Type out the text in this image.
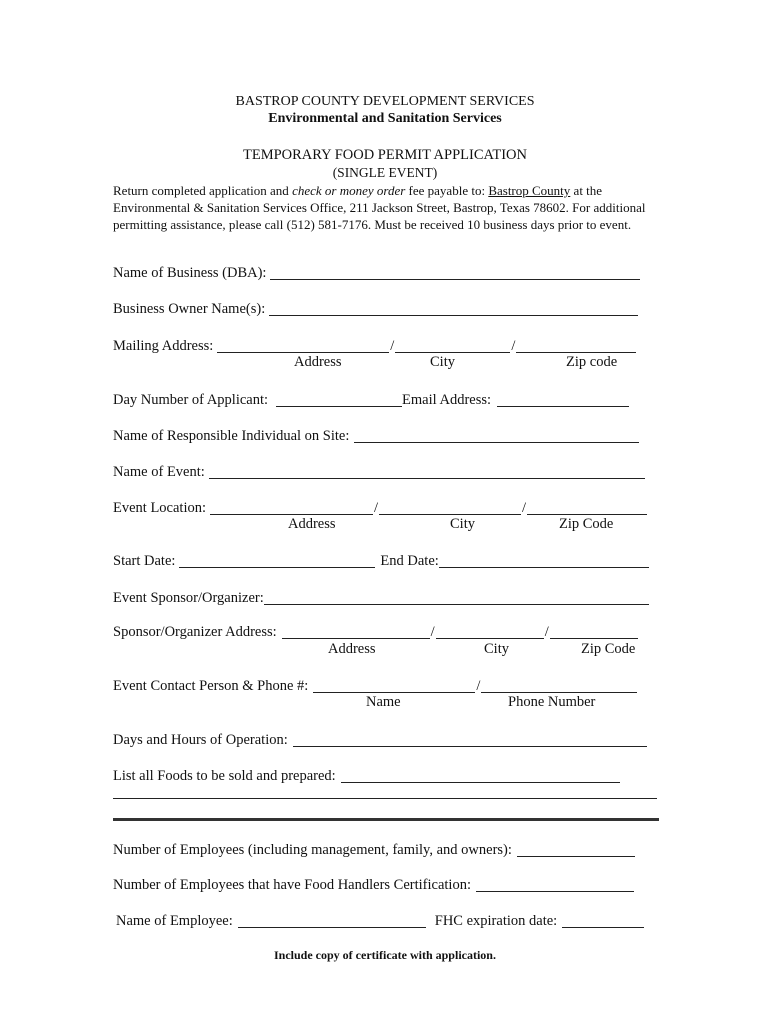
BASTROP COUNTY DEVELOPMENT SERVICES
Environmental and Sanitation Services
TEMPORARY FOOD PERMIT APPLICATION
(SINGLE EVENT)
Return completed application and check or money order fee payable to: Bastrop County at the Environmental & Sanitation Services Office, 211 Jackson Street, Bastrop, Texas 78602. For additional permitting assistance, please call (512) 581-7176. Must be received 10 business days prior to event.
Name of Business (DBA):
Business Owner Name(s):
Mailing Address:	/	/
Address	City	Zip code
Day Number of Applicant:	Email Address:
Name of Responsible Individual on Site:
Name of Event:
Event Location:	/	/
Address	City	Zip Code
Start Date:	End Date:
Event Sponsor/Organizer:
Sponsor/Organizer Address:	/	/
Address	City	Zip Code
Event Contact Person & Phone #:	/
Name	Phone Number
Days and Hours of Operation:
List all Foods to be sold and prepared:
Number of Employees (including management, family, and owners):
Number of Employees that have Food Handlers Certification:
Name of Employee:	FHC expiration date:
Include copy of certificate with application.
